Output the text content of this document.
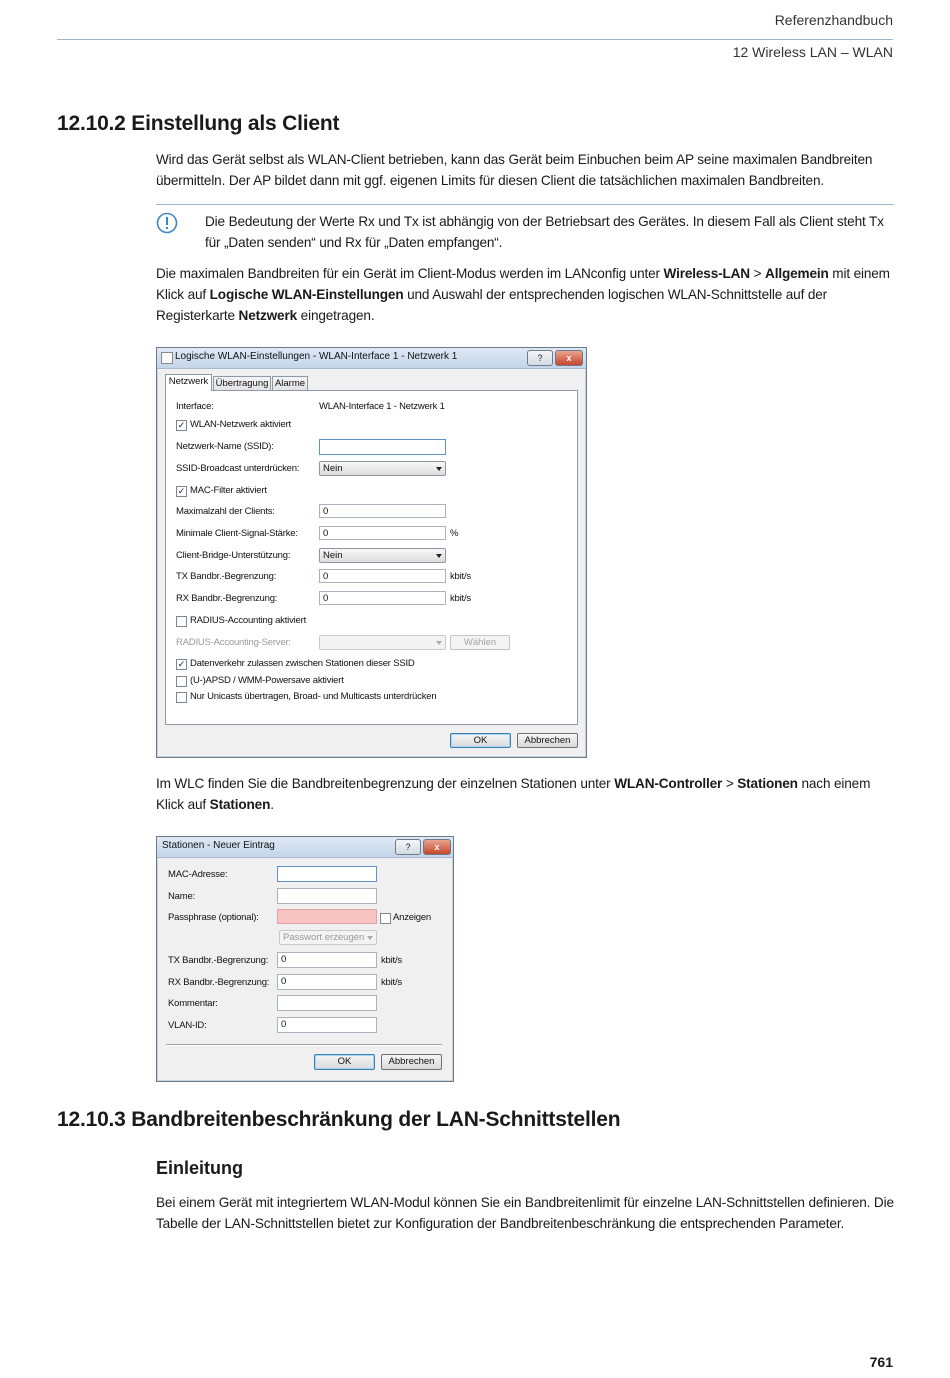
Referenzhandbuch
12 Wireless LAN – WLAN
12.10.2 Einstellung als Client

Wird das Gerät selbst als WLAN-Client betrieben, kann das Gerät beim Einbuchen beim AP seine maximalen Bandbreiten übermitteln. Der AP bildet dann mit ggf. eigenen Limits für diesen Client die tatsächlichen maximalen Bandbreiten.

Die Bedeutung der Werte Rx und Tx ist abhängig von der Betriebsart des Gerätes. In diesem Fall als Client steht Tx für „Daten senden“ und Rx für „Daten empfangen“.

Die maximalen Bandbreiten für ein Gerät im Client-Modus werden im LANconfig unter Wireless-LAN > Allgemein mit einem Klick auf Logische WLAN-Einstellungen und Auswahl der entsprechenden logischen WLAN-Schnittstelle auf der Registerkarte Netzwerk eingetragen.

Logische WLAN-Einstellungen - WLAN-Interface 1 - Netzwerk 1	?	x
Netzwerk Übertragung Alarme
Interface:	WLAN-Interface 1 - Netzwerk 1
✓ WLAN-Netzwerk aktiviert
Netzwerk-Name (SSID):
SSID-Broadcast unterdrücken:	Nein
✓ MAC-Filter aktiviert
Maximalzahl der Clients:	0
Minimale Client-Signal-Stärke:	0	%
Client-Bridge-Unterstützung:	Nein
TX Bandbr.-Begrenzung:	0	kbit/s
RX Bandbr.-Begrenzung:	0	kbit/s
RADIUS-Accounting aktiviert
RADIUS-Accounting-Server:	Wählen
✓ Datenverkehr zulassen zwischen Stationen dieser SSID
(U-)APSD / WMM-Powersave aktiviert
Nur Unicasts übertragen, Broad- und Multicasts unterdrücken
OK	Abbrechen

Im WLC finden Sie die Bandbreitenbegrenzung der einzelnen Stationen unter WLAN-Controller > Stationen nach einem Klick auf Stationen.

Stationen - Neuer Eintrag	?	x
MAC-Adresse:
Name:
Passphrase (optional):	Anzeigen
Passwort erzeugen
TX Bandbr.-Begrenzung:	0	kbit/s
RX Bandbr.-Begrenzung:	0	kbit/s
Kommentar:
VLAN-ID:	0
OK	Abbrechen
12.10.3 Bandbreitenbeschränkung der LAN-Schnittstellen
Einleitung

Bei einem Gerät mit integriertem WLAN-Modul können Sie ein Bandbreitenlimit für einzelne LAN-Schnittstellen definieren. Die Tabelle der LAN-Schnittstellen bietet zur Konfiguration der Bandbreitenbeschränkung die entsprechenden Parameter.

761
